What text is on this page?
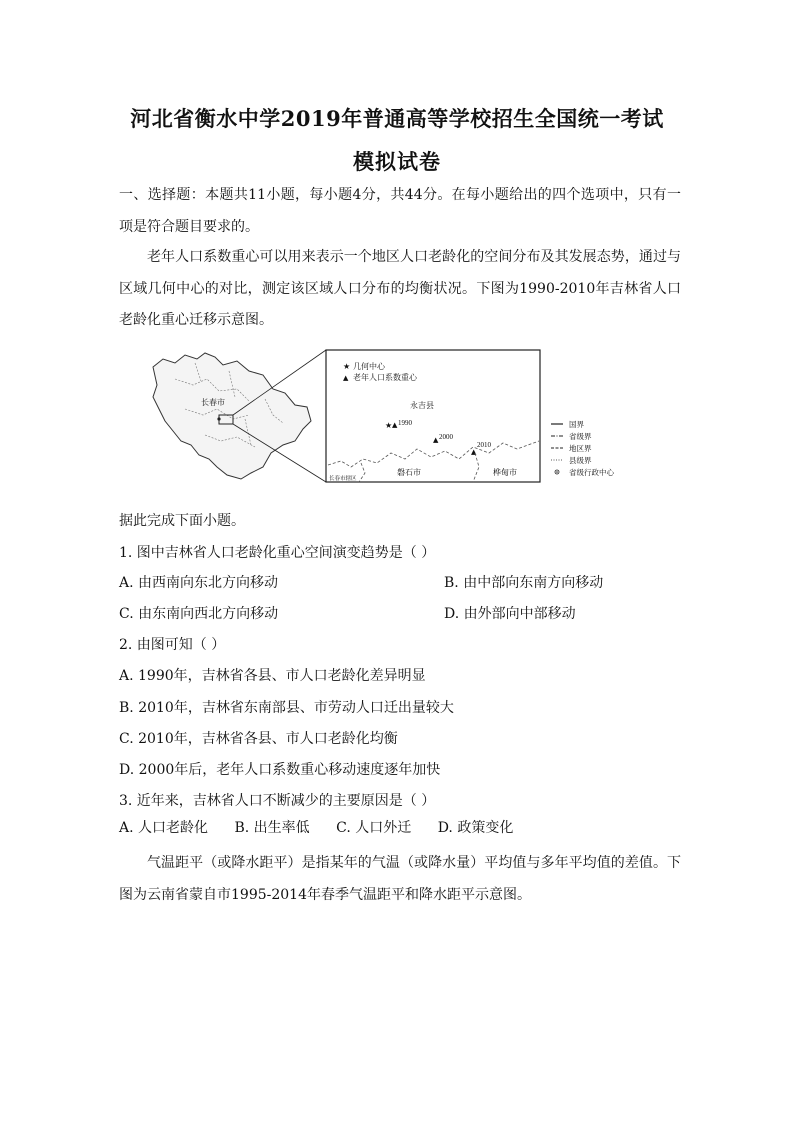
河北省衡水中学2019年普通高等学校招生全国统一考试
模拟试卷
一、选择题：本题共11小题，每小题4分，共44分。在每小题给出的四个选项中，只有一项是符合题目要求的。
老年人口系数重心可以用来表示一个地区人口老龄化的空间分布及其发展态势，通过与区域几何中心的对比，测定该区域人口分布的均衡状况。下图为1990-2010年吉林省人口老龄化重心迁移示意图。
长春市
★ 几何中心
▲ 老年人口系数重心
永吉县
★ ▲ 1990
▲ 2000
▲
2010
磐石市	桦甸市
长春市辖区
国界
省级界
地区界
县级界
省级行政中心
据此完成下面小题。
1. 图中吉林省人口老龄化重心空间演变趋势是（ ）
A. 由西南向东北方向移动	B. 由中部向东南方向移动
C. 由东南向西北方向移动	D. 由外部向中部移动
2. 由图可知（ ）
A. 1990年，吉林省各县、市人口老龄化差异明显
B. 2010年，吉林省东南部县、市劳动人口迁出量较大
C. 2010年，吉林省各县、市人口老龄化均衡
D. 2000年后，老年人口系数重心移动速度逐年加快
3. 近年来，吉林省人口不断减少的主要原因是（ ）
A. 人口老龄化 B. 出生率低 C. 人口外迁 D. 政策变化
气温距平（或降水距平）是指某年的气温（或降水量）平均值与多年平均值的差值。下图为云南省蒙自市1995-2014年春季气温距平和降水距平示意图。
